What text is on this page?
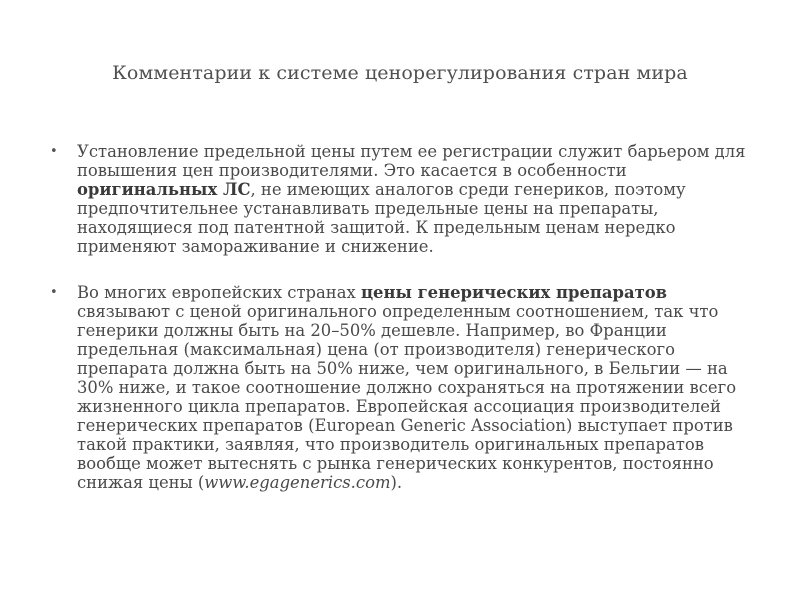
Комментарии к системе ценорегулирования стран мира
• Установление предельной цены путем ее регистрации служит барьером для повышения цен производителями. Это касается в особенности оригинальных ЛС, не имеющих аналогов среди генериков, поэтому предпочтительнее устанавливать предельные цены на препараты, находящиеся под патентной защитой. К предельным ценам нередко применяют замораживание и снижение.
• Во многих европейских странах цены генерических препаратов связывают с ценой оригинального определенным соотношением, так что генерики должны быть на 20–50% дешевле. Например, во Франции предельная (максимальная) цена (от производителя) генерического препарата должна быть на 50% ниже, чем оригинального, в Бельгии — на 30% ниже, и такое соотношение должно сохраняться на протяжении всего жизненного цикла препаратов. Европейская ассоциация производителей генерических препаратов (European Generic Association) выступает против такой практики, заявляя, что производитель оригинальных препаратов вообще может вытеснять с рынка генерических конкурентов, постоянно снижая цены (www.egagenerics.com).
